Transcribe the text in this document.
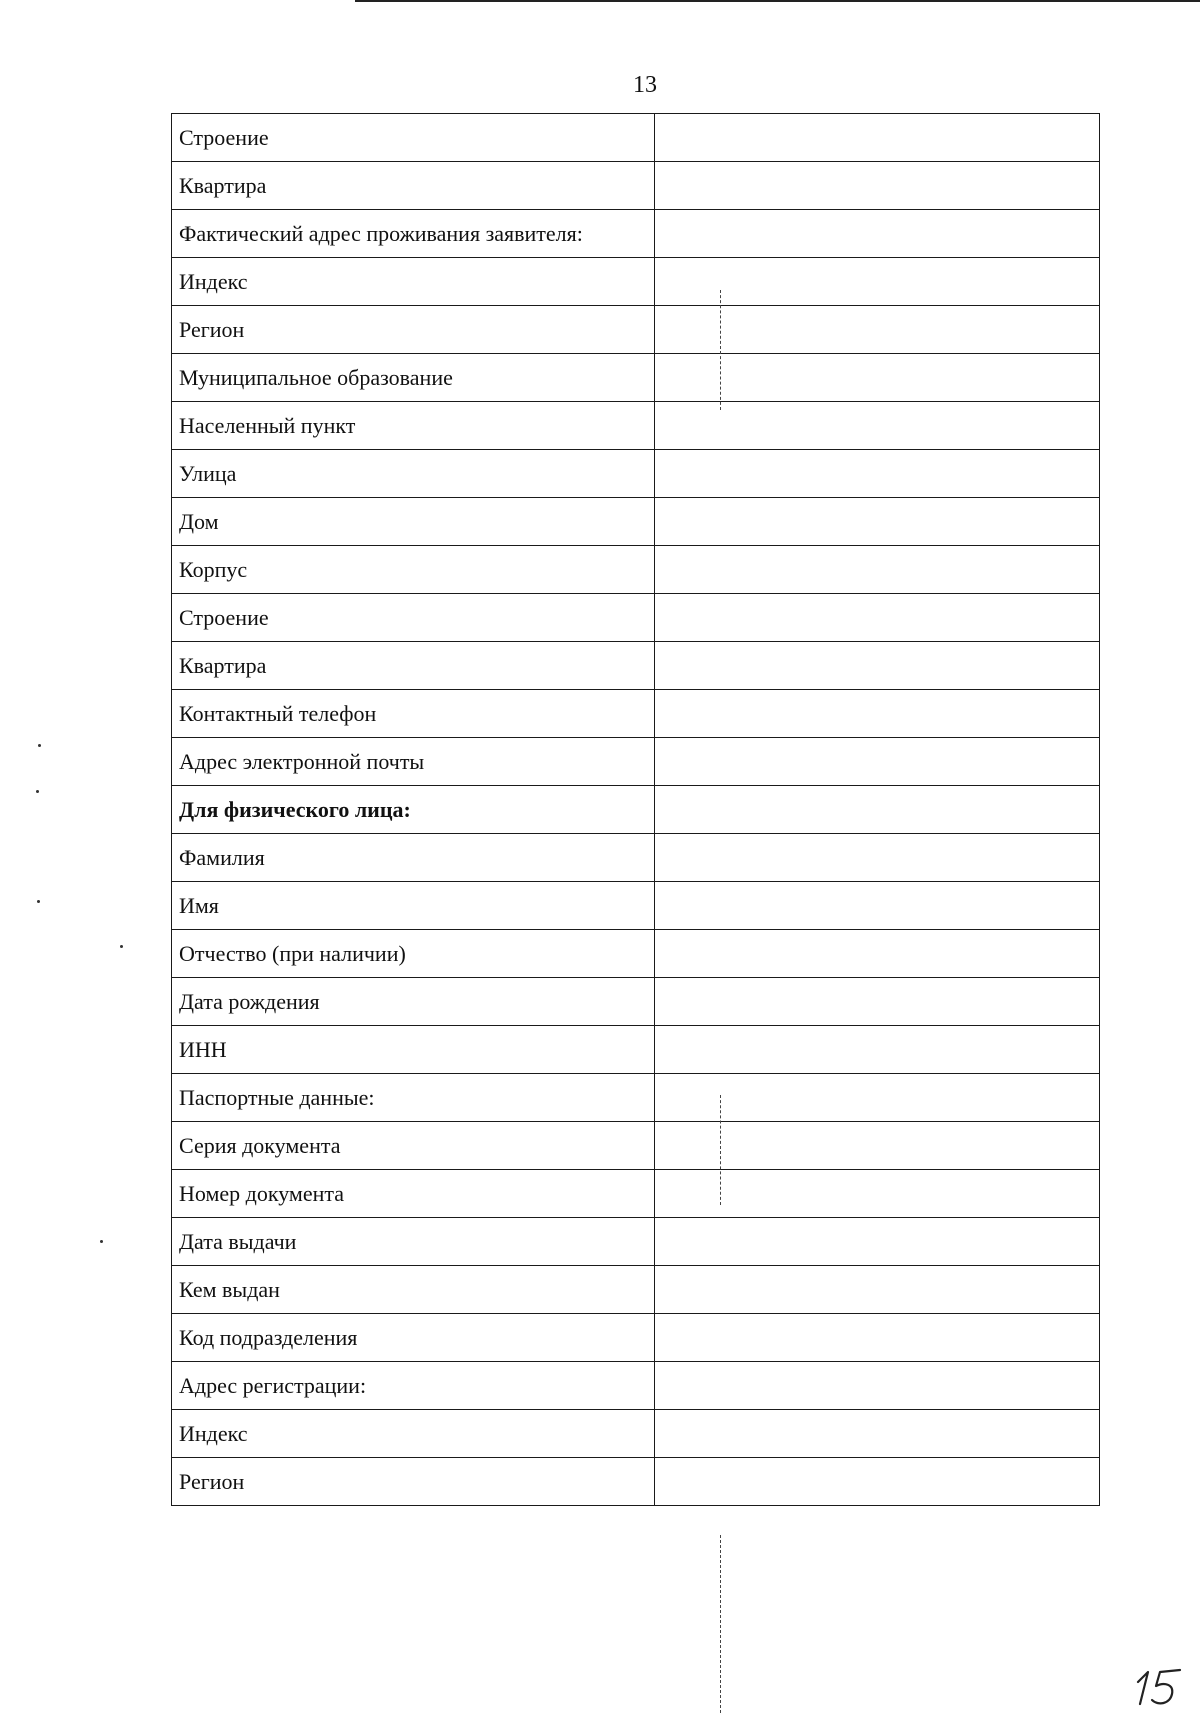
13
Строение	
Квартира	
Фактический адрес проживания заявителя:	
Индекс	
Регион	
Муниципальное образование	
Населенный пункт	
Улица	
Дом	
Корпус	
Строение	
Квартира	
Контактный телефон	
Адрес электронной почты	
Для физического лица:	
Фамилия	
Имя	
Отчество (при наличии)	
Дата рождения	
ИНН	
Паспортные данные:	
Серия документа	
Номер документа	
Дата выдачи	
Кем выдан	
Код подразделения	
Адрес регистрации:	
Индекс	
Регион	
